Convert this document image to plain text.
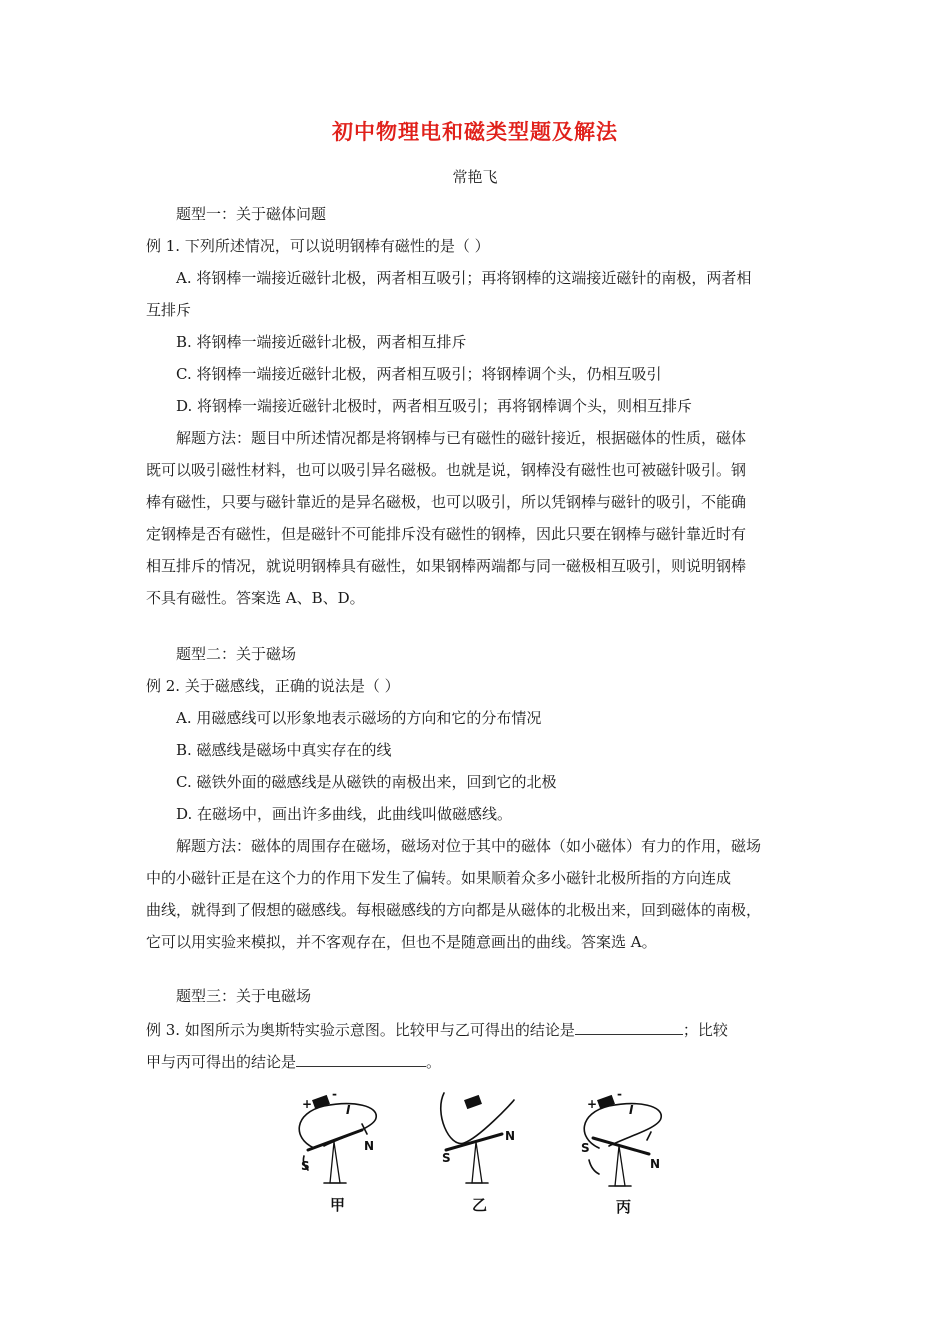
初中物理电和磁类型题及解法
常艳飞
题型一：关于磁体问题
例 1. 下列所述情况，可以说明钢棒有磁性的是（ ）
A. 将钢棒一端接近磁针北极，两者相互吸引；再将钢棒的这端接近磁针的南极，两者相
互排斥
B. 将钢棒一端接近磁针北极，两者相互排斥
C. 将钢棒一端接近磁针北极，两者相互吸引；将钢棒调个头，仍相互吸引
D. 将钢棒一端接近磁针北极时，两者相互吸引；再将钢棒调个头，则相互排斥
解题方法：题目中所述情况都是将钢棒与已有磁性的磁针接近，根据磁体的性质，磁体
既可以吸引磁性材料，也可以吸引异名磁极。也就是说，钢棒没有磁性也可被磁针吸引。钢
棒有磁性，只要与磁针靠近的是异名磁极，也可以吸引，所以凭钢棒与磁针的吸引，不能确
定钢棒是否有磁性，但是磁针不可能排斥没有磁性的钢棒，因此只要在钢棒与磁针靠近时有
相互排斥的情况，就说明钢棒具有磁性，如果钢棒两端都与同一磁极相互吸引，则说明钢棒
不具有磁性。答案选 A、B、D。
题型二：关于磁场
例 2. 关于磁感线，正确的说法是（ ）
A. 用磁感线可以形象地表示磁场的方向和它的分布情况
B. 磁感线是磁场中真实存在的线
C. 磁铁外面的磁感线是从磁铁的南极出来，回到它的北极
D. 在磁场中，画出许多曲线，此曲线叫做磁感线。
解题方法：磁体的周围存在磁场，磁场对位于其中的磁体（如小磁体）有力的作用，磁场
中的小磁针正是在这个力的作用下发生了偏转。如果顺着众多小磁针北极所指的方向连成
曲线，就得到了假想的磁感线。每根磁感线的方向都是从磁体的北极出来，回到磁体的南极，
它可以用实验来模拟，并不客观存在，但也不是随意画出的曲线。答案选 A。
题型三：关于电磁场
例 3. 如图所示为奥斯特实验示意图。比较甲与乙可得出的结论是	；比较
甲与丙可得出的结论是	。
+
-
I
S
N
S
N
+
-
I
S
N
甲	乙	丙
